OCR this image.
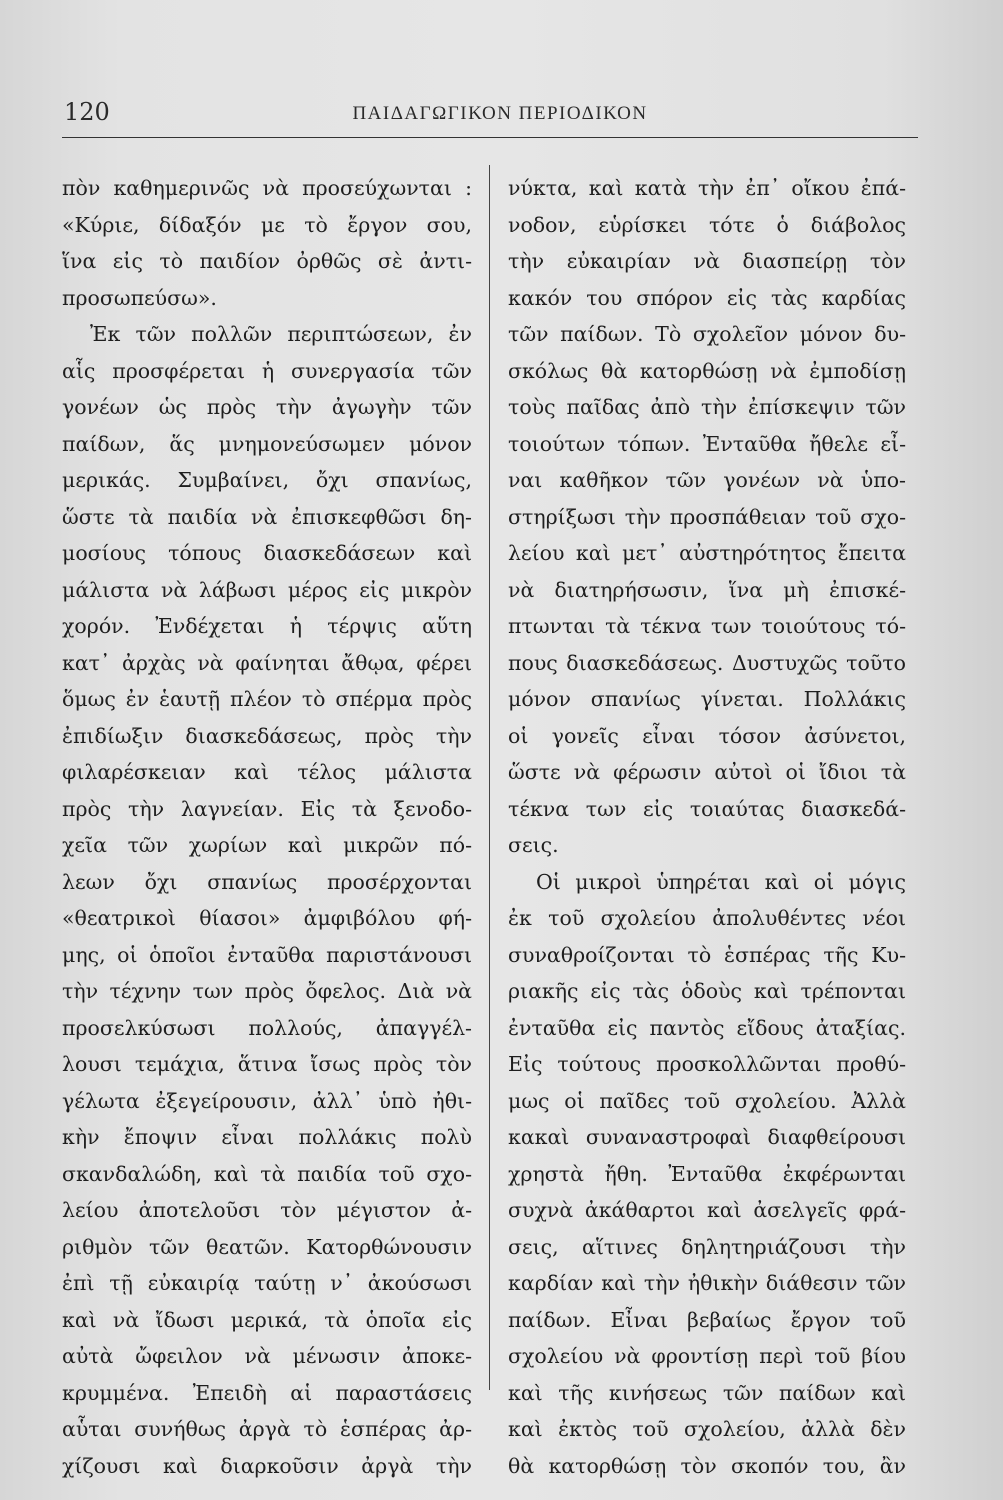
120	ΠΑΙΔΑΓΩΓΙΚΟΝ ΠΕΡΙΟΔΙΚΟΝ
πὸν καθημερινῶς νὰ προσεύχωνται :
«Κύριε, δίδαξόν με τὸ ἔργον σου,
ἵνα εἰς τὸ παιδίον ὀρθῶς σὲ ἀντι-
προσωπεύσω».
Ἐκ τῶν πολλῶν περιπτώσεων, ἐν
αἷς προσφέρεται ἡ συνεργασία τῶν
γονέων ὡς πρὸς τὴν ἀγωγὴν τῶν
παίδων, ἅς μνημονεύσωμεν μόνον
μερικάς. Συμβαίνει, ὄχι σπανίως,
ὥστε τὰ παιδία νὰ ἐπισκεφθῶσι δη-
μοσίους τόπους διασκεδάσεων καὶ
μάλιστα νὰ λάβωσι μέρος εἰς μικρὸν
χορόν. Ἐνδέχεται ἡ τέρψις αὕτη
κατ᾽ ἀρχὰς νὰ φαίνηται ἄθῳα, φέρει
ὅμως ἐν ἑαυτῇ πλέον τὸ σπέρμα πρὸς
ἐπιδίωξιν διασκεδάσεως, πρὸς τὴν
φιλαρέσκειαν καὶ τέλος μάλιστα
πρὸς τὴν λαγνείαν. Εἰς τὰ ξενοδο-
χεῖα τῶν χωρίων καὶ μικρῶν πό-
λεων ὄχι σπανίως προσέρχονται
«θεατρικοὶ θίασοι» ἀμφιβόλου φή-
μης, οἱ ὁποῖοι ἐνταῦθα παριστάνουσι
τὴν τέχνην των πρὸς ὄφελος. Διὰ νὰ
προσελκύσωσι πολλούς, ἀπαγγέλ-
λουσι τεμάχια, ἅτινα ἴσως πρὸς τὸν
γέλωτα ἐξεγείρουσιν, ἀλλ᾽ ὑπὸ ἠθι-
κὴν ἔποψιν εἶναι πολλάκις πολὺ
σκανδαλώδη, καὶ τὰ παιδία τοῦ σχο-
λείου ἀποτελοῦσι τὸν μέγιστον ἀ-
ριθμὸν τῶν θεατῶν. Κατορθώνουσιν
ἐπὶ τῇ εὐκαιρίᾳ ταύτῃ ν᾽ ἀκούσωσι
καὶ νὰ ἴδωσι μερικά, τὰ ὁποῖα εἰς
αὐτὰ ὤφειλον νὰ μένωσιν ἀποκε-
κρυμμένα. Ἐπειδὴ αἱ παραστάσεις
αὗται συνήθως ἀργὰ τὸ ἑσπέρας ἀρ-
χίζουσι καὶ διαρκοῦσιν ἀργὰ τὴν
νύκτα, καὶ κατὰ τὴν ἐπ᾽ οἴκου ἐπά-
νοδον, εὑρίσκει τότε ὁ διάβολος
τὴν εὐκαιρίαν νὰ διασπείρῃ τὸν
κακόν του σπόρον εἰς τὰς καρδίας
τῶν παίδων. Τὸ σχολεῖον μόνον δυ-
σκόλως θὰ κατορθώσῃ νὰ ἐμποδίσῃ
τοὺς παῖδας ἀπὸ τὴν ἐπίσκεψιν τῶν
τοιούτων τόπων. Ἐνταῦθα ἤθελε εἶ-
ναι καθῆκον τῶν γονέων νὰ ὑπο-
στηρίξωσι τὴν προσπάθειαν τοῦ σχο-
λείου καὶ μετ᾽ αὐστηρότητος ἔπειτα
νὰ διατηρήσωσιν, ἵνα μὴ ἐπισκέ-
πτωνται τὰ τέκνα των τοιούτους τό-
πους διασκεδάσεως. Δυστυχῶς τοῦτο
μόνον σπανίως γίνεται. Πολλάκις
οἱ γονεῖς εἶναι τόσον ἀσύνετοι,
ὥστε νὰ φέρωσιν αὐτοὶ οἱ ἴδιοι τὰ
τέκνα των εἰς τοιαύτας διασκεδά-
σεις.
Οἱ μικροὶ ὑπηρέται καὶ οἱ μόγις
ἐκ τοῦ σχολείου ἀπολυθέντες νέοι
συναθροίζονται τὸ ἑσπέρας τῆς Κυ-
ριακῆς εἰς τὰς ὁδοὺς καὶ τρέπονται
ἐνταῦθα εἰς παντὸς εἴδους ἀταξίας.
Εἰς τούτους προσκολλῶνται προθύ-
μως οἱ παῖδες τοῦ σχολείου. Ἀλλὰ
κακαὶ συναναστροφαὶ διαφθείρουσι
χρηστὰ ἤθη. Ἐνταῦθα ἐκφέρωνται
συχνὰ ἀκάθαρτοι καὶ ἀσελγεῖς φρά-
σεις, αἵτινες δηλητηριάζουσι τὴν
καρδίαν καὶ τὴν ἠθικὴν διάθεσιν τῶν
παίδων. Εἶναι βεβαίως ἔργον τοῦ
σχολείου νὰ φροντίσῃ περὶ τοῦ βίου
καὶ τῆς κινήσεως τῶν παίδων καὶ
καὶ ἐκτὸς τοῦ σχολείου, ἀλλὰ δὲν
θὰ κατορθώσῃ τὸν σκοπόν του, ἂν
